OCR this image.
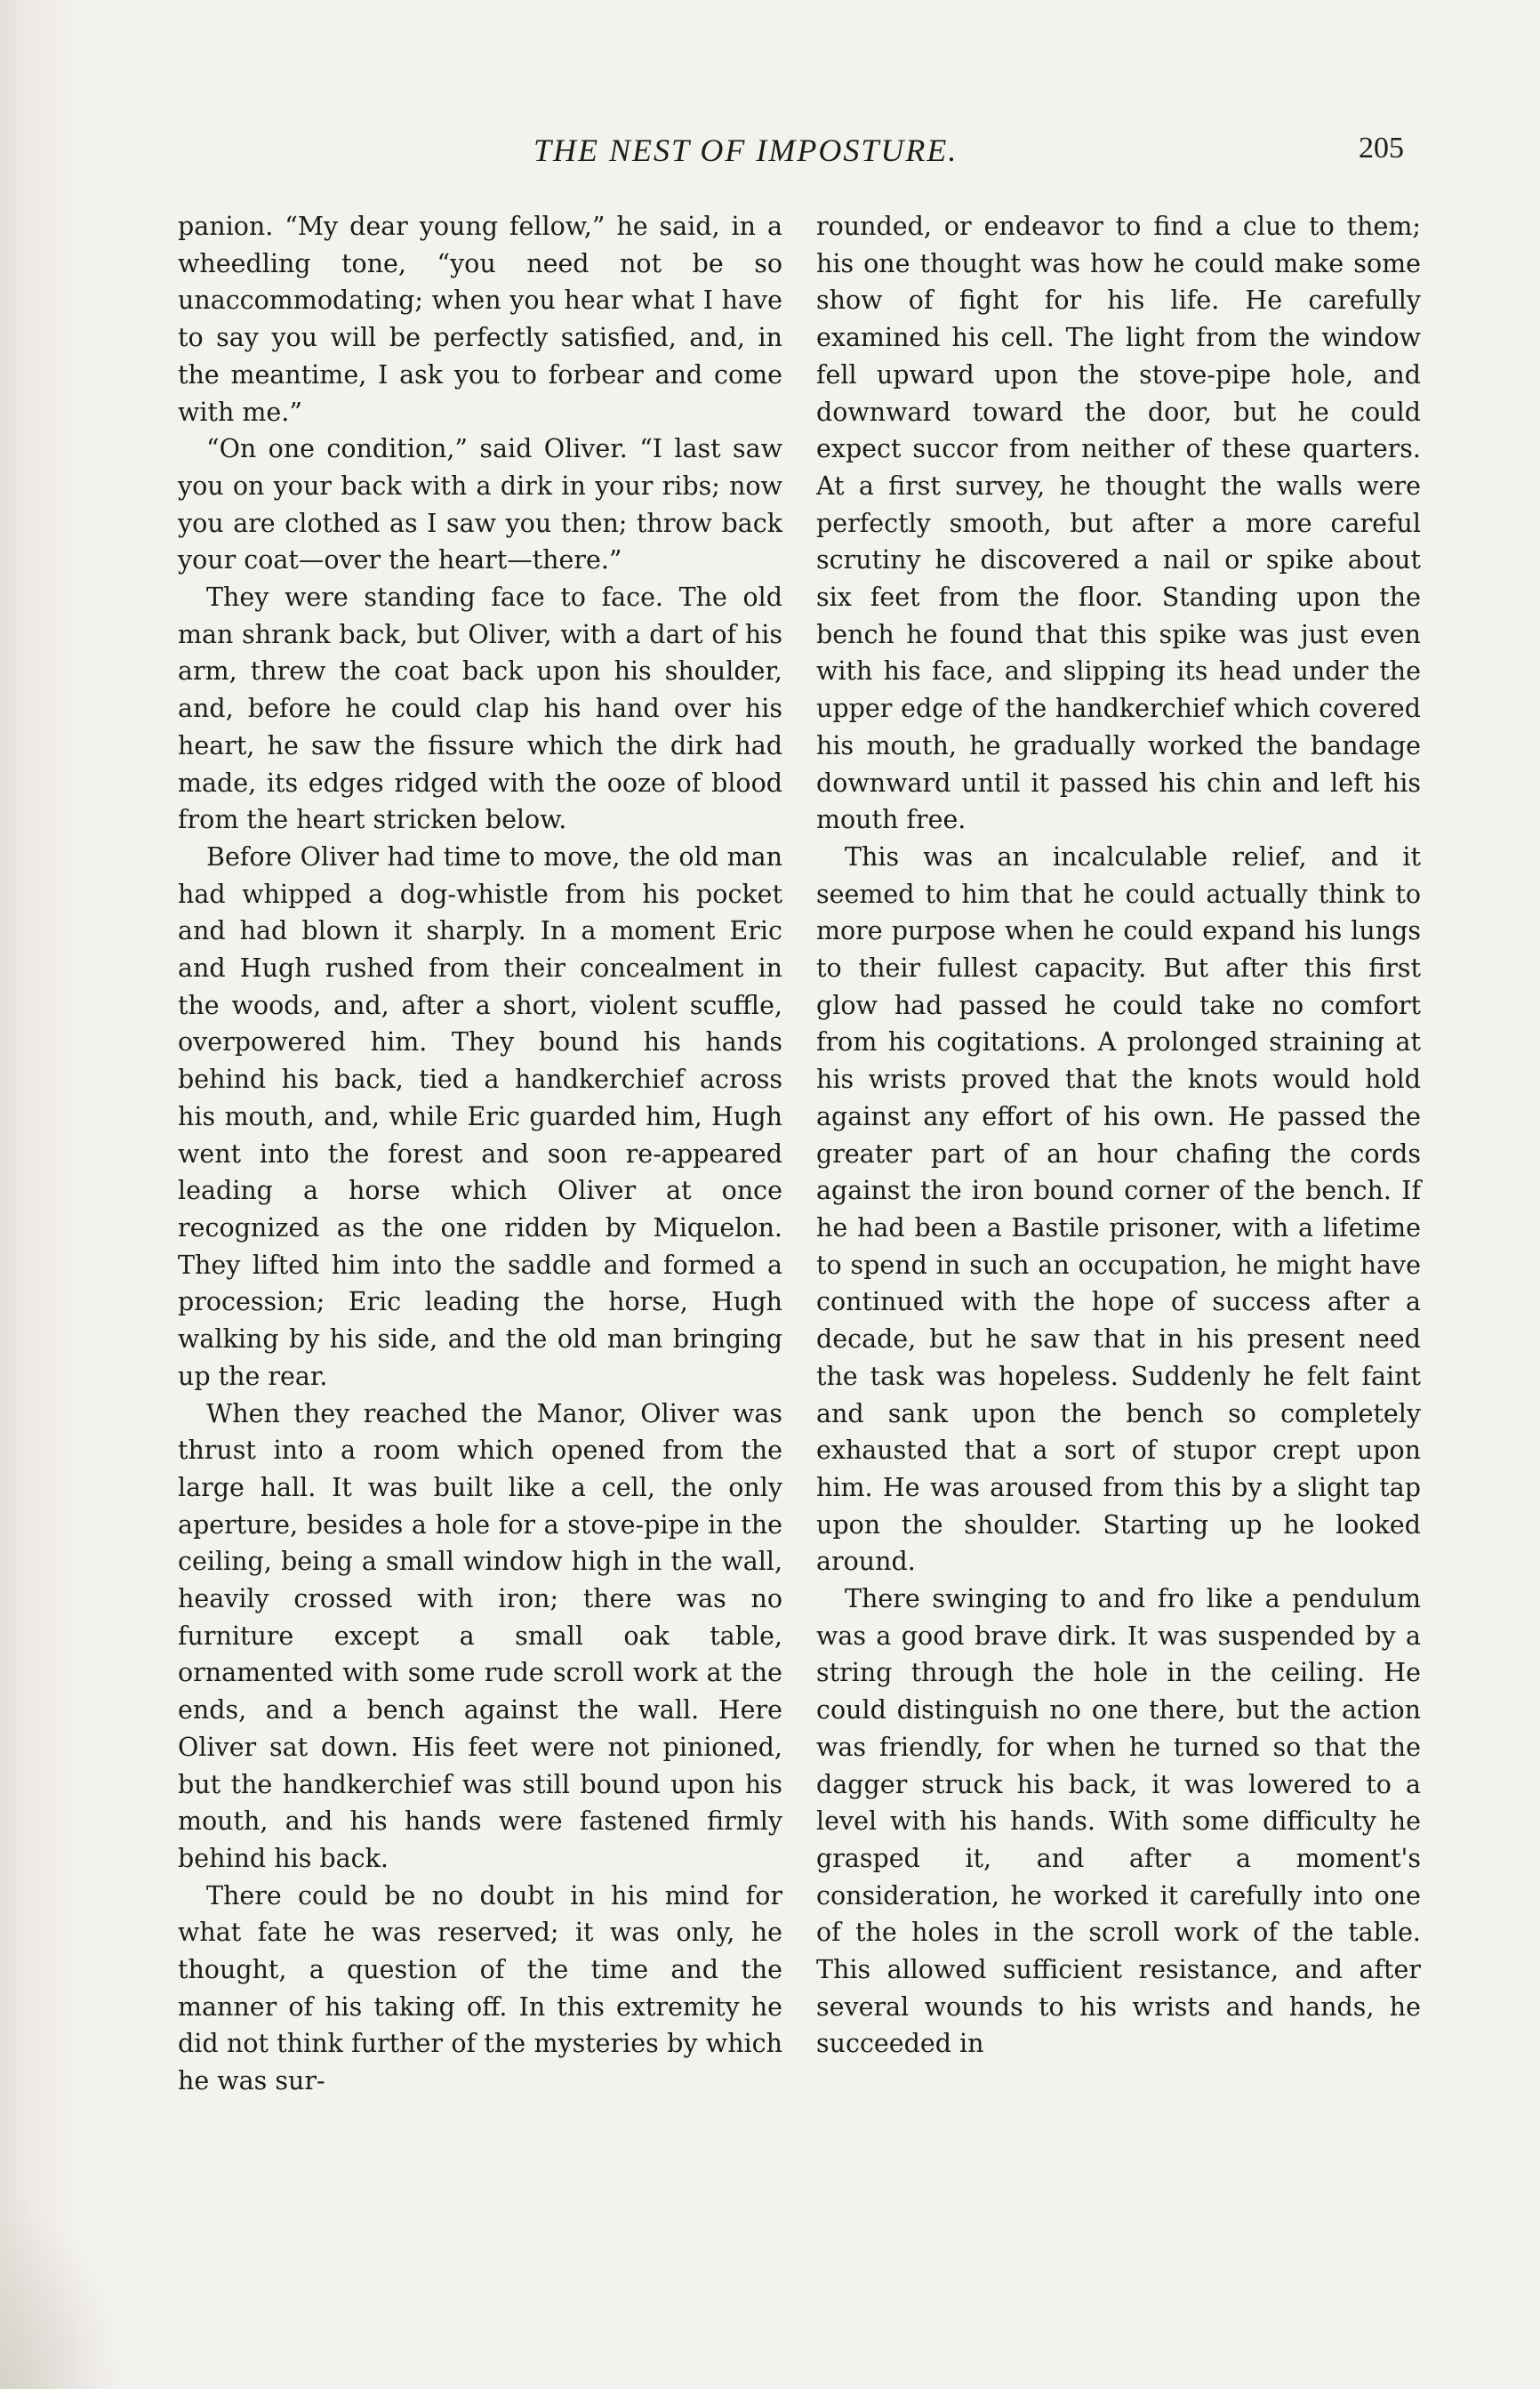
THE NEST OF IMPOSTURE.	205

panion. “My dear young fellow,” he said, in a wheedling tone, “you need not be so unaccommodating; when you hear what I have to say you will be perfectly satisfied, and, in the meantime, I ask you to forbear and come with me.”

“On one condition,” said Oliver. “I last saw you on your back with a dirk in your ribs; now you are clothed as I saw you then; throw back your coat—over the heart—there.”

They were standing face to face. The old man shrank back, but Oliver, with a dart of his arm, threw the coat back upon his shoulder, and, before he could clap his hand over his heart, he saw the fissure which the dirk had made, its edges ridged with the ooze of blood from the heart stricken below.

Before Oliver had time to move, the old man had whipped a dog-whistle from his pocket and had blown it sharply. In a moment Eric and Hugh rushed from their concealment in the woods, and, after a short, violent scuffle, overpowered him. They bound his hands behind his back, tied a handkerchief across his mouth, and, while Eric guarded him, Hugh went into the forest and soon re-appeared leading a horse which Oliver at once recognized as the one ridden by Miquelon. They lifted him into the saddle and formed a procession; Eric leading the horse, Hugh walking by his side, and the old man bringing up the rear.

When they reached the Manor, Oliver was thrust into a room which opened from the large hall. It was built like a cell, the only aperture, besides a hole for a stove-pipe in the ceiling, being a small window high in the wall, heavily crossed with iron; there was no furniture except a small oak table, ornamented with some rude scroll work at the ends, and a bench against the wall. Here Oliver sat down. His feet were not pinioned, but the handkerchief was still bound upon his mouth, and his hands were fastened firmly behind his back.

There could be no doubt in his mind for what fate he was reserved; it was only, he thought, a question of the time and the manner of his taking off. In this extremity he did not think further of the mysteries by which he was sur-

rounded, or endeavor to find a clue to them; his one thought was how he could make some show of fight for his life. He carefully examined his cell. The light from the window fell upward upon the stove-pipe hole, and downward toward the door, but he could expect succor from neither of these quarters. At a first survey, he thought the walls were perfectly smooth, but after a more careful scrutiny he discovered a nail or spike about six feet from the floor. Standing upon the bench he found that this spike was just even with his face, and slipping its head under the upper edge of the handkerchief which covered his mouth, he gradually worked the bandage downward until it passed his chin and left his mouth free.

This was an incalculable relief, and it seemed to him that he could actually think to more purpose when he could expand his lungs to their fullest capacity. But after this first glow had passed he could take no comfort from his cogitations. A prolonged straining at his wrists proved that the knots would hold against any effort of his own. He passed the greater part of an hour chafing the cords against the iron bound corner of the bench. If he had been a Bastile prisoner, with a lifetime to spend in such an occupation, he might have continued with the hope of success after a decade, but he saw that in his present need the task was hopeless. Suddenly he felt faint and sank upon the bench so completely exhausted that a sort of stupor crept upon him. He was aroused from this by a slight tap upon the shoulder. Starting up he looked around.

There swinging to and fro like a pendulum was a good brave dirk. It was suspended by a string through the hole in the ceiling. He could distinguish no one there, but the action was friendly, for when he turned so that the dagger struck his back, it was lowered to a level with his hands. With some difficulty he grasped it, and after a moment's consideration, he worked it carefully into one of the holes in the scroll work of the table. This allowed sufficient resistance, and after several wounds to his wrists and hands, he succeeded in
